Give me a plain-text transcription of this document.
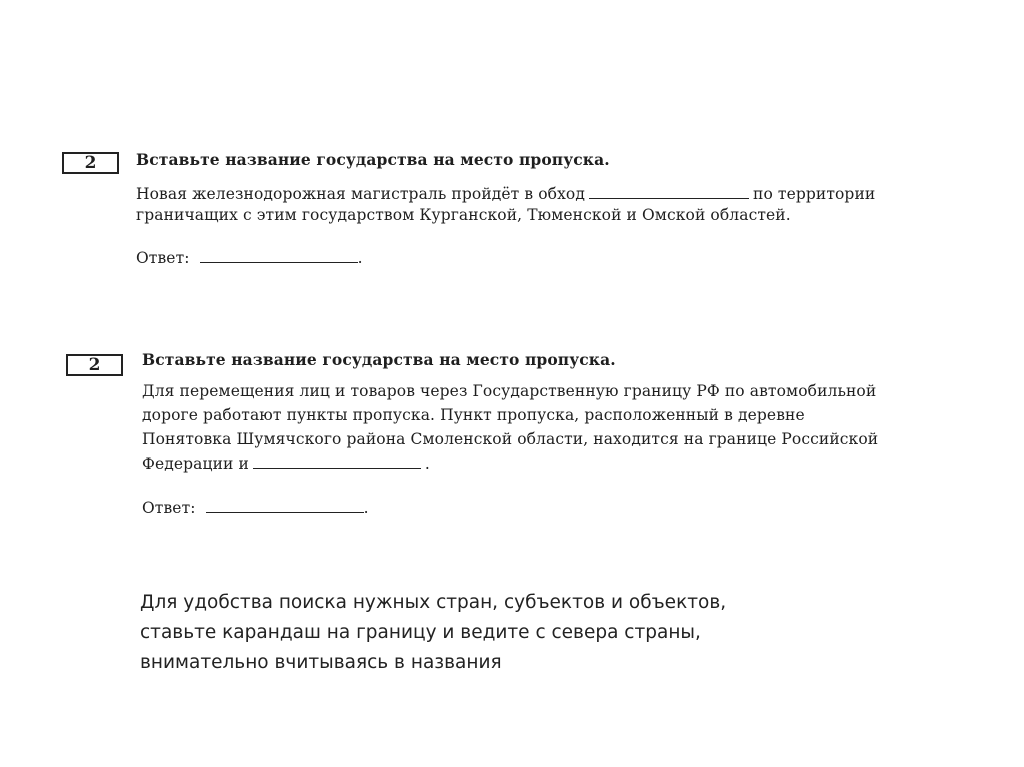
2	Вставьте название государства на место пропуска.
Новая железнодорожная магистраль пройдёт в обход	по территории
граничащих с этим государством Курганской, Тюменской и Омской областей.
Ответ:	.
2	Вставьте название государства на место пропуска.
Для перемещения лиц и товаров через Государственную границу РФ по автомобильной
дороге работают пункты пропуска. Пункт пропуска, расположенный в деревне
Понятовка Шумячского района Смоленской области, находится на границе Российской
Федерации и	.
Ответ:	.
Для удобства поиска нужных стран, субъектов и объектов,
ставьте карандаш на границу и ведите с севера страны,
внимательно вчитываясь в названия
